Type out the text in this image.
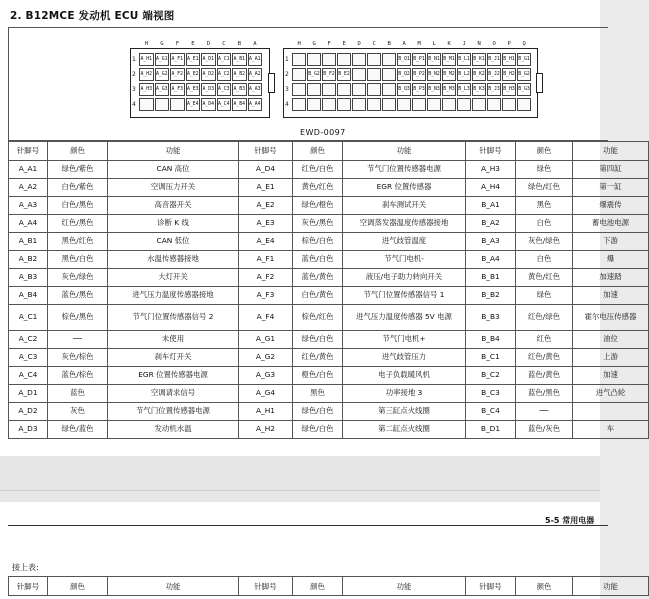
2. B12MCE 发动机 ECU 端视图
H G F E D C B A
1
2
3
4
A_H1 A_G1 A_F1 A_E1 A_D1 A_C1 A_B1 A_A1
A_H2 A_G2 A_F2 A_E2 A_D2 A_C2 A_B2 A_A2
A_H3 A_G3 A_F3 A_E3 A_D3 A_C3 A_B3 A_A3
A_E4 A_D4 A_C4 A_B4 A_A4
H G F E D C B A M L K J N O P Q
1
2
3
4
B_Q1 B_P1 B_N1 B_M1 B_L1 B_K1 B_J1 B_H1 B_G1
B_G2 B_F2 B_E2	B_Q2 B_P2 B_N2 B_M2 B_L2 B_K2 B_J2 B_H2 B_G2
B_Q3 B_P3 B_N3 B_M3 B_L3 B_K3 B_J3 B_H3 B_G3
EWD-0097
针脚号	颜色	功能	针脚号	颜色	功能	针脚号	颜色	功能
A_A1	绿色/紫色	CAN 高位	A_D4	红色/白色	节气门位置传感器电源	A_H3	绿色	第四缸
A_A2	白色/紫色	空调压力开关	A_E1	黄色/红色	EGR 位置传感器	A_H4	绿色/红色	第一缸
A_A3	白色/黑色	高音器开关	A_E2	绿色/橙色	刹车测试开关	B_A1	黑色	爆震传
A_A4	红色/黑色	诊断 K 线	A_E3	灰色/黑色	空调蒸发器温度传感器接地	B_A2	白色	蓄电池电源
A_B1	黑色/红色	CAN 低位	A_E4	棕色/白色	进气歧管温度	B_A3	灰色/绿色	下游
A_B2	黑色/白色	水温传感器接地	A_F1	蓝色/白色	节气门电机-	B_A4	白色	爆
A_B3	灰色/绿色	大灯开关	A_F2	蓝色/黄色	液压/电子助力转向开关	B_B1	黄色/红色	加速踏
A_B4	蓝色/黑色	进气压力温度传感器接地	A_F3	白色/黄色	节气门位置传感器信号 1	B_B2	绿色	加速
A_C1	棕色/黑色	节气门位置传感器信号 2	A_F4	棕色/红色	进气压力温度传感器 5V 电源	B_B3	红色/绿色	霍尔电压传感器
A_C2	──	未使用	A_G1	绿色/白色	节气门电机+	B_B4	红色	油位
A_C3	灰色/棕色	刹车灯开关	A_G2	红色/黄色	进气歧管压力	B_C1	红色/黄色	上游
A_C4	蓝色/棕色	EGR 位置传感器电源	A_G3	橙色/白色	电子负载暖风机	B_C2	蓝色/黄色	加速
A_D1	蓝色	空调请求信号	A_G4	黑色	功率接地 3	B_C3	蓝色/黑色	进气凸轮
A_D2	灰色	节气门位置传感器电源	A_H1	绿色/白色	第三缸点火线圈	B_C4	──	
A_D3	绿色/蓝色	发动机水温	A_H2	绿色/白色	第二缸点火线圈	B_D1	蓝色/灰色	车
5-5 常用电器
接上表:
针脚号	颜色	功能	针脚号	颜色	功能	针脚号	颜色	功能
